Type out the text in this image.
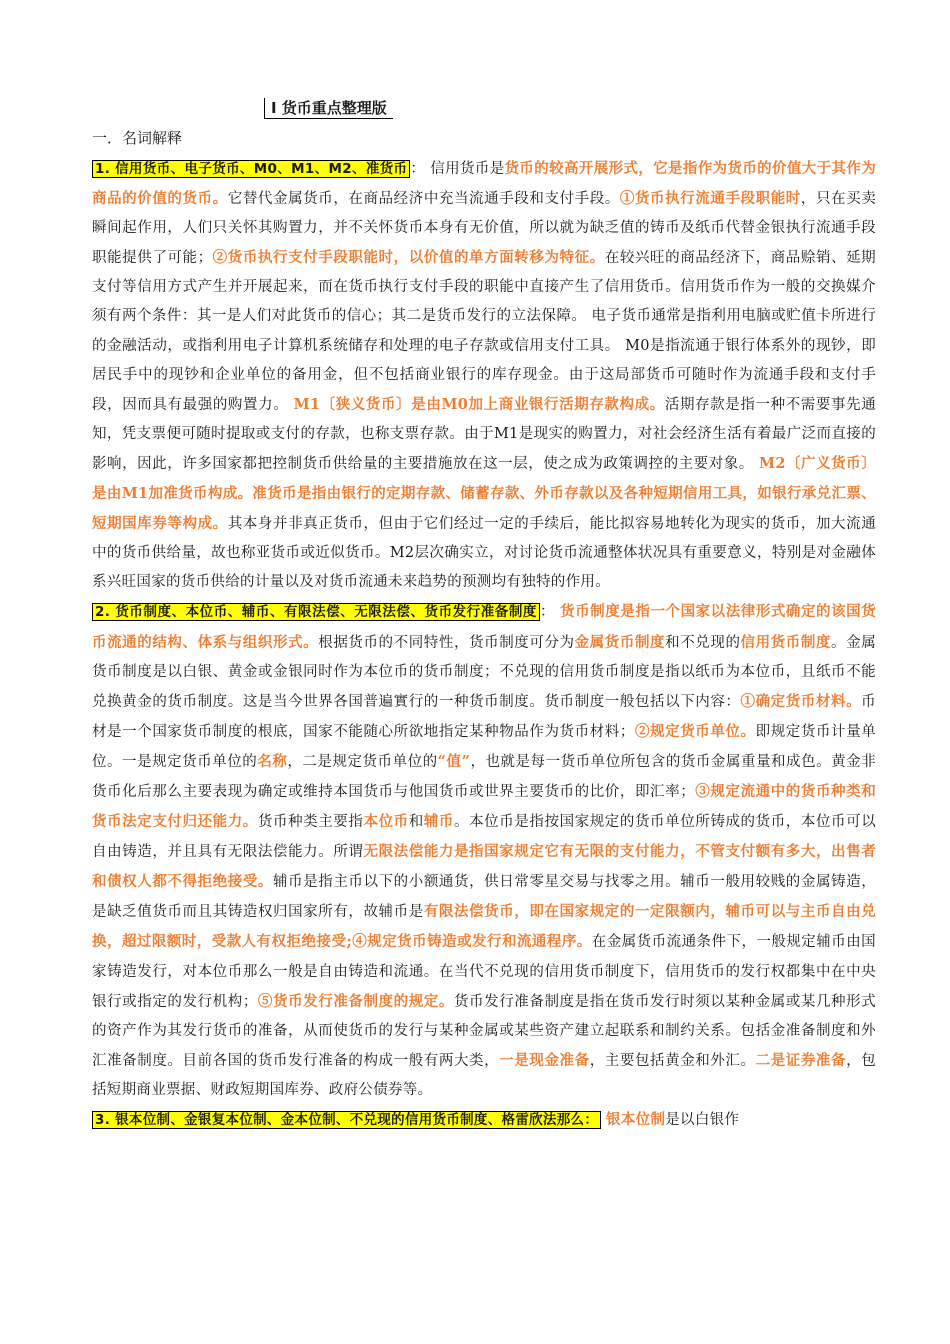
I 货币重点整理版
一．名词解释

1. 信用货币、电子货币、M0、M1、M2、准货币 ： 信用货币是货币的较高开展形式，它是指作为货币的价值大于其作为商品的价值的货币。它替代金属货币，在商品经济中充当流通手段和支付手段。①货币执行流通手段职能时，只在买卖瞬间起作用，人们只关怀其购置力，并不关怀货币本身有无价值，所以就为缺乏值的铸币及纸币代替金银执行流通手段职能提供了可能；②货币执行支付手段职能时，以价值的单方面转移为特征。在较兴旺的商品经济下，商品赊销、延期支付等信用方式产生并开展起来，而在货币执行支付手段的职能中直接产生了信用货币。信用货币作为一般的交换媒介须有两个条件：其一是人们对此货币的信心；其二是货币发行的立法保障。 电子货币通常是指利用电脑或贮值卡所进行的金融活动，或指利用电子计算机系统储存和处理的电子存款或信用支付工具。 M0是指流通于银行体系外的现钞，即居民手中的现钞和企业单位的备用金，但不包括商业银行的库存现金。由于这局部货币可随时作为流通手段和支付手段，因而具有最强的购置力。 M1〔狭义货币〕是由M0加上商业银行活期存款构成。活期存款是指一种不需要事先通知，凭支票便可随时提取或支付的存款，也称支票存款。由于M1是现实的购置力，对社会经济生活有着最广泛而直接的影响，因此，许多国家都把控制货币供给量的主要措施放在这一层，使之成为政策调控的主要对象。 M2〔广义货币〕是由M1加准货币构成。准货币是指由银行的定期存款、储蓄存款、外币存款以及各种短期信用工具，如银行承兑汇票、短期国库券等构成。其本身并非真正货币，但由于它们经过一定的手续后，能比拟容易地转化为现实的货币，加大流通中的货币供给量，故也称亚货币或近似货币。M2层次确实立，对讨论货币流通整体状况具有重要意义，特别是对金融体系兴旺国家的货币供给的计量以及对货币流通未来趋势的预测均有独特的作用。

2. 货币制度、本位币、辅币、有限法偿、无限法偿、货币发行准备制度 ： 货币制度是指一个国家以法律形式确定的该国货币流通的结构、体系与组织形式。根据货币的不同特性，货币制度可分为金属货币制度和不兑现的信用货币制度。金属货币制度是以白银、黄金或金银同时作为本位币的货币制度；不兑现的信用货币制度是指以纸币为本位币，且纸币不能兑换黄金的货币制度。这是当今世界各国普遍實行的一种货币制度。货币制度一般包括以下内容：①确定货币材料。币材是一个国家货币制度的根底，国家不能随心所欲地指定某种物品作为货币材料；②规定货币单位。即规定货币计量单位。一是规定货币单位的名称，二是规定货币单位的“值”，也就是每一货币单位所包含的货币金属重量和成色。黄金非货币化后那么主要表现为确定或维持本国货币与他国货币或世界主要货币的比价，即汇率；③规定流通中的货币种类和货币法定支付归还能力。货币种类主要指本位币和辅币。本位币是指按国家规定的货币单位所铸成的货币，本位币可以自由铸造，并且具有无限法偿能力。所谓无限法偿能力是指国家规定它有无限的支付能力，不管支付额有多大，出售者和债权人都不得拒绝接受。辅币是指主币以下的小额通货，供日常零星交易与找零之用。辅币一般用较贱的金属铸造，是缺乏值货币而且其铸造权归国家所有，故辅币是有限法偿货币，即在国家规定的一定限额内，辅币可以与主币自由兑换，超过限额时，受款人有权拒绝接受;④规定货币铸造或发行和流通程序。在金属货币流通条件下，一般规定辅币由国家铸造发行，对本位币那么一般是自由铸造和流通。在当代不兑现的信用货币制度下，信用货币的发行权都集中在中央银行或指定的发行机构；⑤货币发行准备制度的规定。货币发行准备制度是指在货币发行时须以某种金属或某几种形式的资产作为其发行货币的准备，从而使货币的发行与某种金属或某些资产建立起联系和制约关系。包括金准备制度和外汇准备制度。目前各国的货币发行准备的构成一般有两大类，一是现金准备，主要包括黄金和外汇。二是证券准备，包括短期商业票据、财政短期国库券、政府公债券等。

3. 银本位制、金银复本位制、金本位制、不兑现的信用货币制度、格雷欣法那么： 银本位制是以白银作
